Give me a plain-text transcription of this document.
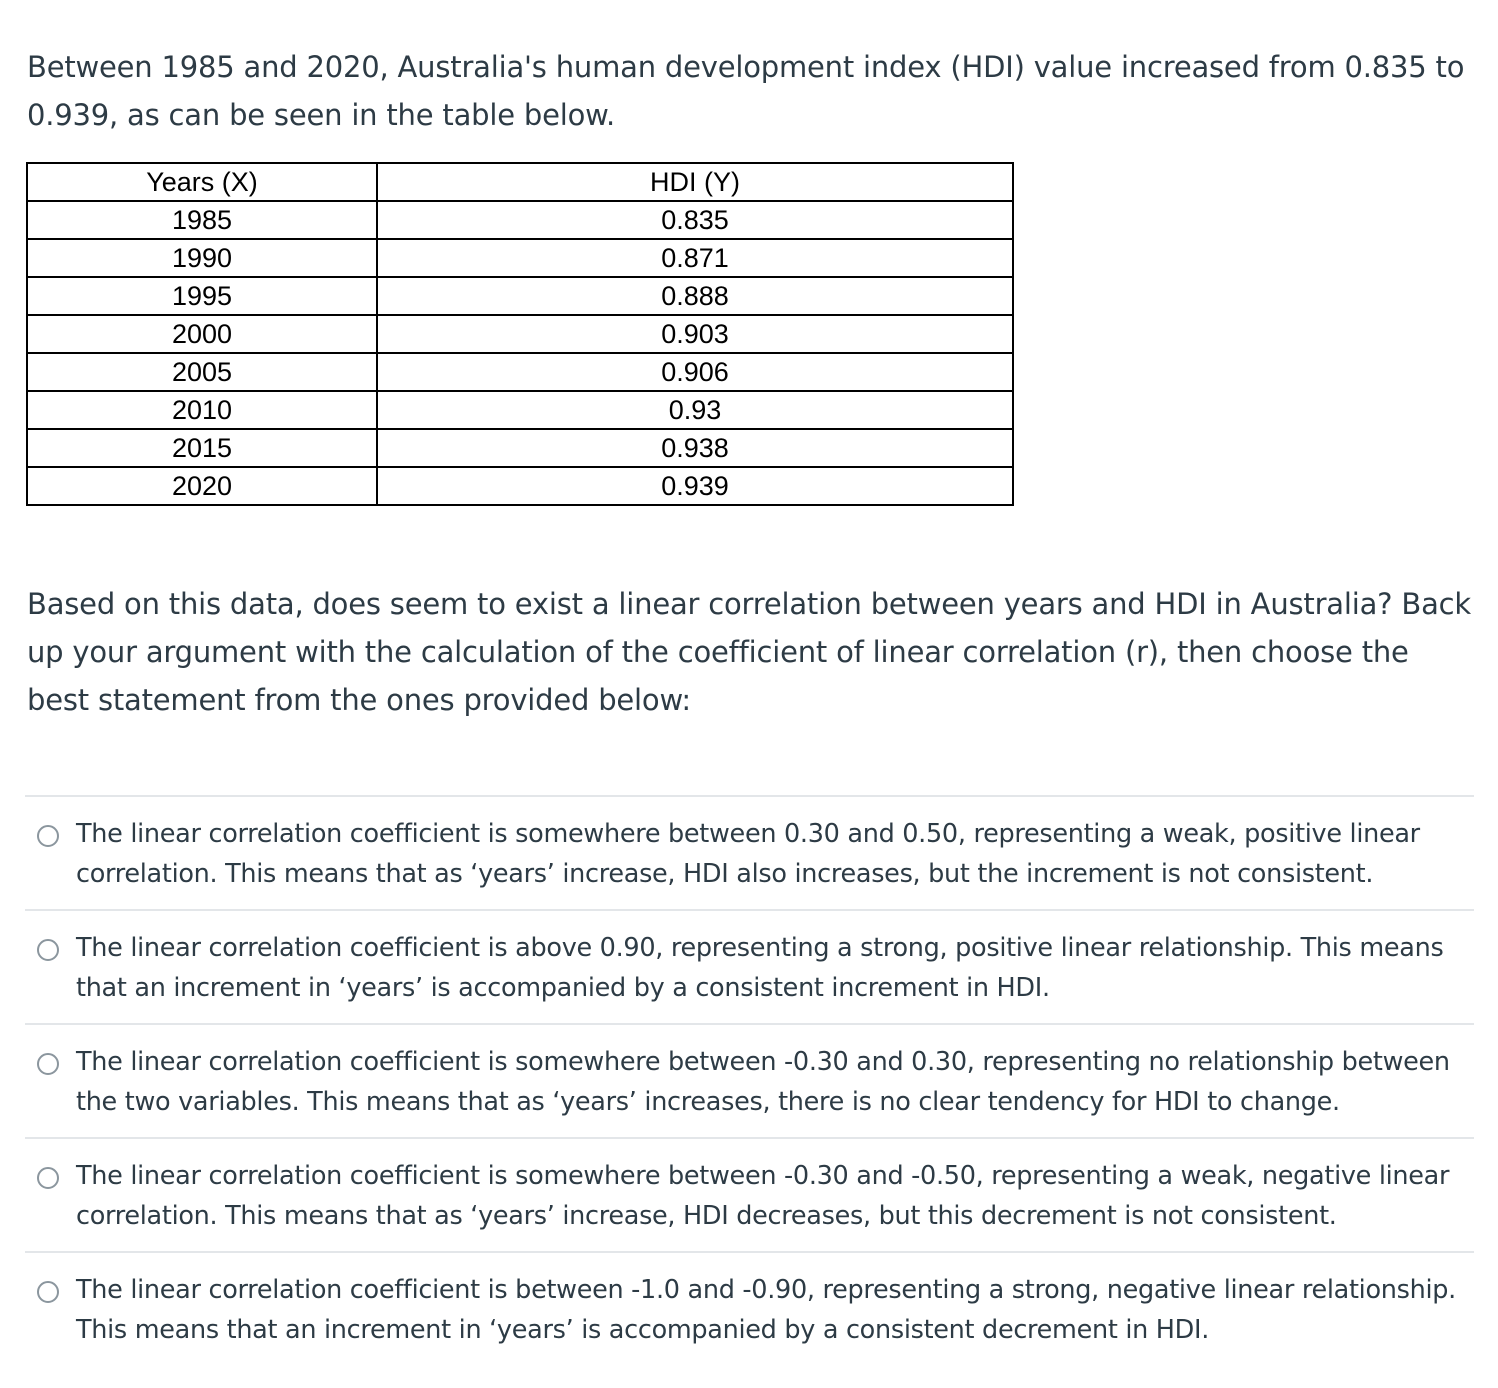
Between 1985 and 2020, Australia's human development index (HDI) value increased from 0.835 to 0.939, as can be seen in the table below.

Years (X)	HDI (Y)
1985	0.835
1990	0.871
1995	0.888
2000	0.903
2005	0.906
2010	0.93
2015	0.938
2020	0.939

Based on this data, does seem to exist a linear correlation between years and HDI in Australia? Back up your argument with the calculation of the coefficient of linear correlation (r), then choose the best statement from the ones provided below:

The linear correlation coefficient is somewhere between 0.30 and 0.50, representing a weak, positive linear correlation. This means that as ‘years’ increase, HDI also increases, but the increment is not consistent.
The linear correlation coefficient is above 0.90, representing a strong, positive linear relationship. This means that an increment in ‘years’ is accompanied by a consistent increment in HDI.
The linear correlation coefficient is somewhere between -0.30 and 0.30, representing no relationship between the two variables. This means that as ‘years’ increases, there is no clear tendency for HDI to change.
The linear correlation coefficient is somewhere between -0.30 and -0.50, representing a weak, negative linear correlation. This means that as ‘years’ increase, HDI decreases, but this decrement is not consistent.
The linear correlation coefficient is between -1.0 and -0.90, representing a strong, negative linear relationship. This means that an increment in ‘years’ is accompanied by a consistent decrement in HDI.
